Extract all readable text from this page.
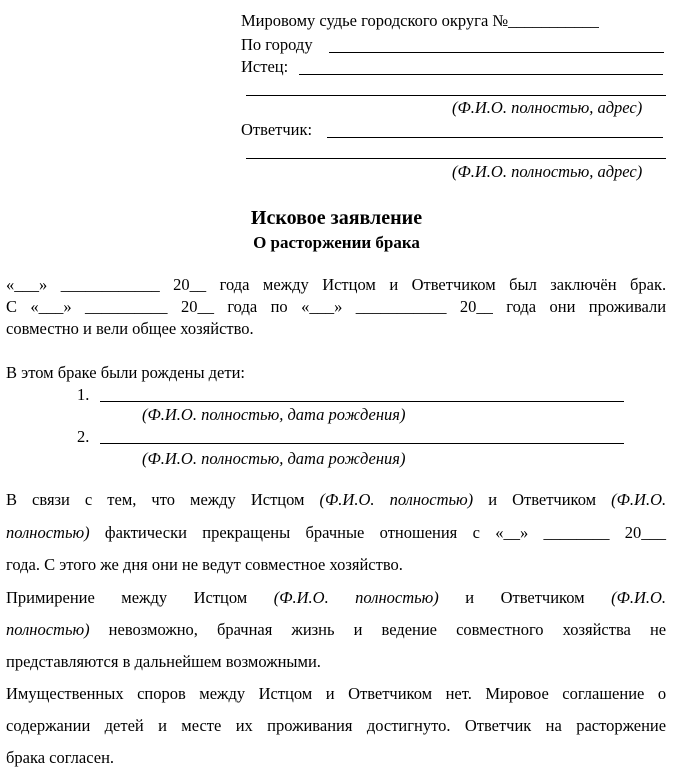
Мировому судье городского округа №___________
По городу
Истец:
(Ф.И.О. полностью, адрес)
Ответчик:
(Ф.И.О. полностью, адрес)
Исковое заявление
О расторжении брака
«___» ____________ 20__ года между Истцом и Ответчиком был заключён брак.
С «___» __________ 20__ года по «___» ___________ 20__ года они проживали
совместно и вели общее хозяйство.
В этом браке были рождены дети:
1.
(Ф.И.О. полностью, дата рождения)
2.
(Ф.И.О. полностью, дата рождения)
В связи с тем, что между Истцом (Ф.И.О. полностью) и Ответчиком (Ф.И.О.
полностью) фактически прекращены брачные отношения с «__» ________ 20___
года. С этого же дня они не ведут совместное хозяйство.
Примирение между Истцом (Ф.И.О. полностью) и Ответчиком (Ф.И.О.
полностью) невозможно, брачная жизнь и ведение совместного хозяйства не
представляются в дальнейшем возможными.
Имущественных споров между Истцом и Ответчиком нет. Мировое соглашение о
содержании детей и месте их проживания достигнуто. Ответчик на расторжение
брака согласен.
